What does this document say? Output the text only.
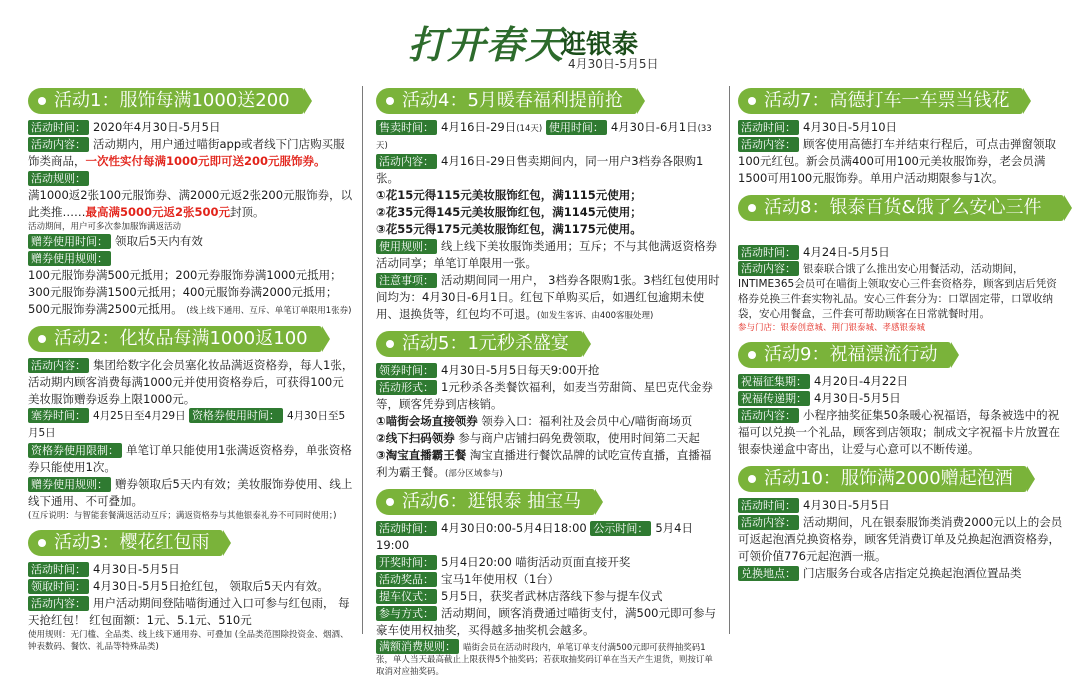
打开春天
逛银泰
4月30日-5月5日
活动1：服饰每满1000送200
活动时间： 2020年4月30日-5月5日
活动内容： 活动期内，用户通过喵街app或者线下门店购买服饰类商品，一次性实付每满1000元即可送200元服饰券。
活动规则：
满1000返2张100元服饰券、满2000元返2张200元服饰券，以此类推……最高满5000元返2张500元封顶。
活动期间，用户可多次参加服饰满返活动
赠券使用时间： 领取后5天内有效
赠券使用规则：
100元服饰券满500元抵用；200元券服饰券满1000元抵用；
300元服饰券满1500元抵用；400元服饰券满2000元抵用；
500元服饰券满2500元抵用。 (线上线下通用、互斥、单笔订单限用1张券)
活动2：化妆品每满1000返100
活动内容： 集团给数字化会员塞化妆品满返资格券，每人1张，活动期内顾客消费每满1000元并使用资格券后，可获得100元美妆服饰赠券返券上限1000元。
塞券时间： 4月25日至4月29日 资格券使用时间： 4月30日至5月5日
资格券使用限制： 单笔订单只能使用1张满返资格券，单张资格券只能使用1次。
赠券使用规则： 赠券领取后5天内有效；美妆服饰券使用、线上线下通用、不可叠加。
(互斥说明：与智能套餐满返活动互斥；满返资格券与其他银泰礼券不可同时使用；)
活动3：樱花红包雨
活动时间： 4月30日-5月5日
领取时间： 4月30日-5月5日抢红包， 领取后5天内有效。
活动内容： 用户活动期间登陆喵街通过入口可参与红包雨， 每天抢红包！ 红包面额：1元、5.1元、510元
使用规则：无门槛、全品类、线上线下通用券、可叠加 (全品类范围除投资金、烟酒、钟表数码、餐饮、礼品等特殊品类)
活动4：5月暖春福利提前抢
售卖时间： 4月16日-29日(14天) 使用时间： 4月30日-6月1日(33天)
活动内容： 4月16日-29日售卖期间内，同一用户3档券各限购1张。
①花15元得115元美妆服饰红包，满1115元使用；
②花35元得145元美妆服饰红包，满1145元使用；
③花55元得175元美妆服饰红包，满1175元使用。
使用规则： 线上线下美妆服饰类通用；互斥；不与其他满返资格券活动同享；单笔订单限用一张。
注意事项： 活动期间同一用户， 3档券各限购1张。3档红包使用时间均为：4月30日-6月1日。红包下单购买后，如遇红包逾期未使用、退换货等，红包均不可退。(如发生客诉、由400客服处理)
活动5：1元秒杀盛宴
领券时间： 4月30日-5月5日每天9:00开抢
活动形式： 1元秒杀各类餐饮福利，如麦当劳甜筒、星巴克代金券等，顾客凭券到店核销。
①喵街会场直接领券 领券入口：福利社及会员中心/喵街商场页
②线下扫码领券 参与商户店铺扫码免费领取，使用时间第二天起
③淘宝直播霸王餐 淘宝直播进行餐饮品牌的试吃宣传直播，直播福利为霸王餐。(部分区域参与)
活动6：逛银泰 抽宝马
活动时间： 4月30日0:00-5月4日18:00 公示时间： 5月4日19:00
开奖时间： 5月4日20:00 喵街活动页面直接开奖
活动奖品： 宝马1年使用权（1台）
提车仪式： 5月5日，获奖者武林店落线下参与提车仪式
参与方式： 活动期间，顾客消费通过喵街支付，满500元即可参与豪车使用权抽奖，买得越多抽奖机会越多。
满额消费规则： 喵街会员在活动时段内，单笔订单支付满500元即可获得抽奖码1张，单人当天最高截止上限获得5个抽奖码；若获取抽奖码订单在当天产生退货，则按订单取消对应抽奖码。
活动7：高德打车一车票当钱花
活动时间： 4月30日-5月10日
活动内容： 顾客使用高德打车并结束行程后，可点击弹窗领取100元红包。新会员满400可用100元美妆服饰券，老会员满1500可用100元服饰券。单用户活动期限参与1次。
活动8：银泰百货&饿了么安心三件套
活动时间： 4月24日-5月5日
活动内容： 银泰联合饿了么推出安心用餐活动，活动期间，INTIME365会员可在喵街上领取安心三件套资格券，顾客到店后凭资格券兑换三件套实物礼品。安心三件套分为：口罩固定带，口罩收纳袋，安心用餐盒，三件套可帮助顾客在日常就餐时用。
参与门店：银泰创意城、荆门银泰城、孝感银泰城
活动9：祝福漂流行动
祝福征集期： 4月20日-4月22日
祝福传递期： 4月30日-5月5日
活动内容： 小程序抽奖征集50条暖心祝福语，每条被选中的祝福可以兑换一个礼品，顾客到店领取；制成文字祝福卡片放置在银泰快递盒中寄出，让爱与心意可以不断传递。
活动10：服饰满2000赠起泡酒
活动时间： 4月30日-5月5日
活动内容： 活动期间，凡在银泰服饰类消费2000元以上的会员可返起泡酒兑换资格券，顾客凭消费订单及兑换起泡酒资格券，可领价值776元起泡酒一瓶。
兑换地点： 门店服务台或各店指定兑换起泡酒位置品类
